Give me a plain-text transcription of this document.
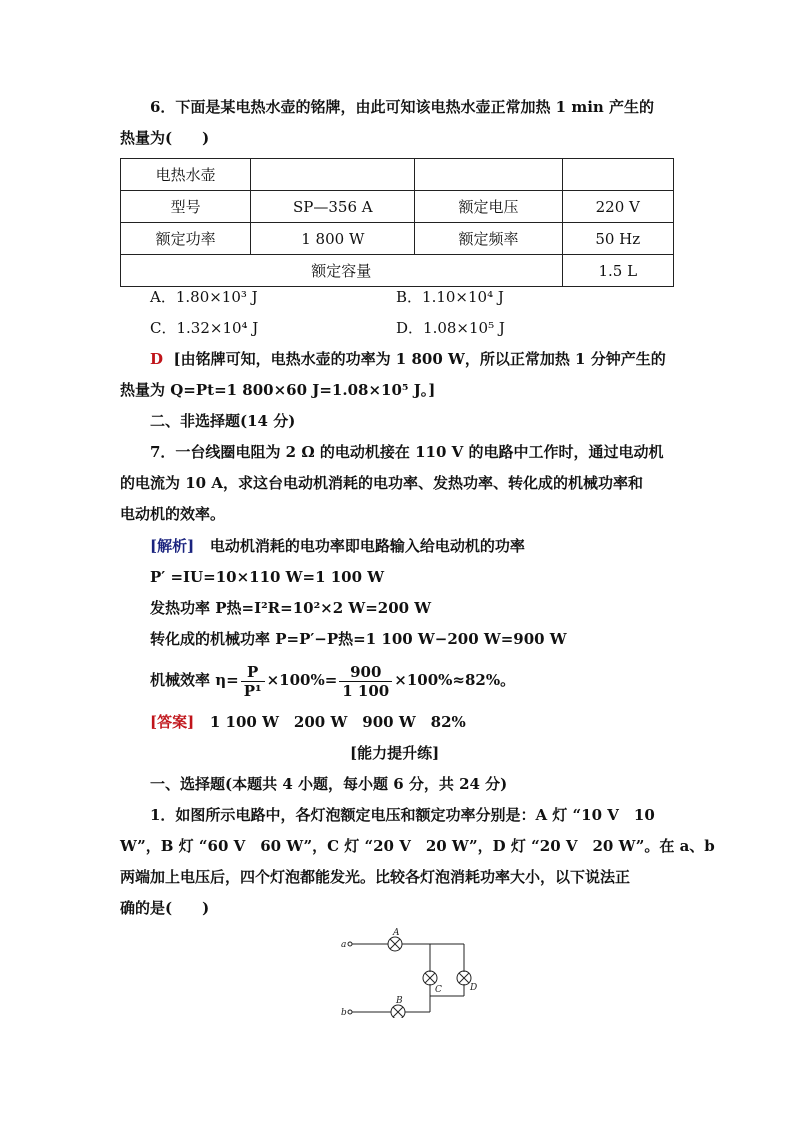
6．下面是某电热水壶的铭牌，由此可知该电热水壶正常加热 1 min 产生的
热量为(　　)
电热水壶			
型号	SP—356 A	额定电压	220 V
额定功率	1 800 W	额定频率	50 Hz
额定容量			1.5 L
A．1.80×10³ J	B．1.10×10⁴ J
C．1.32×10⁴ J	D．1.08×10⁵ J
D [由铭牌可知，电热水壶的功率为 1 800 W，所以正常加热 1 分钟产生的
热量为 Q=Pt=1 800×60 J=1.08×10⁵ J。]
二、非选择题(14 分)
7．一台线圈电阻为 2 Ω 的电动机接在 110 V 的电路中工作时，通过电动机
的电流为 10 A，求这台电动机消耗的电功率、发热功率、转化成的机械功率和
电动机的效率。
[解析] 电动机消耗的电功率即电路输入给电动机的功率
P′ =IU=10×110 W=1 100 W
发热功率 P热=I²R=10²×2 W=200 W
转化成的机械功率 P=P′−P热=1 100 W−200 W=900 W
机械效率 $\eta= \frac{P}{\text{P¹}} \times 100\%= \frac{900}{1 100} \times 100\%\approx 82\%$。
[答案] 1 100 W　200 W　900 W　82%
[能力提升练]
一、选择题(本题共 4 小题，每小题 6 分，共 24 分)
1．如图所示电路中，各灯泡额定电压和额定功率分别是：A 灯 “10 V　10
W”，B 灯 “60 V　60 W”，C 灯 “20 V　20 W”，D 灯 “20 V　20 W”。在 a、b
两端加上电压后，四个灯泡都能发光。比较各灯泡消耗功率大小，以下说法正
确的是(　　)
a
b
A
B
C	D
